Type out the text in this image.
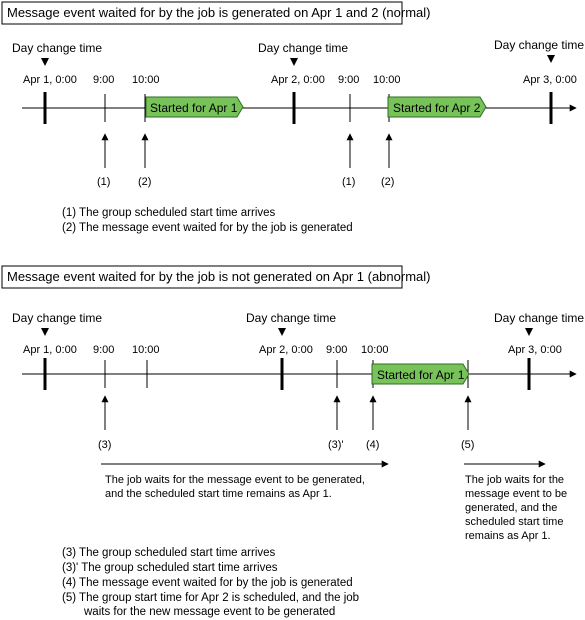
Message event waited for by the job is generated on Apr 1 and 2 (normal)
Day change time	Day change time	Day change time
Apr 1, 0:00 9:00 10:00	Apr 2, 0:00 9:00 10:00	Apr 3, 0:00
Started for Apr 1	Started for Apr 2
(1)	(2)	(1) (2)
(1) The group scheduled start time arrives
(2) The message event waited for by the job is generated
Message event waited for by the job is not generated on Apr 1 (abnormal)
Day change time	Day change time	Day change time
Apr 1, 0:00 9:00 10:00	Apr 2, 0:00 9:00 10:00	Apr 3, 0:00
Started for Apr 1
(3)	(3)' (4)	(5)
The job waits for the message event to be generated,
and the scheduled start time remains as Apr 1.
The job waits for the
message event to be
generated, and the
scheduled start time
remains as Apr 1.
(3) The group scheduled start time arrives
(3)' The group scheduled start time arrives
(4) The message event waited for by the job is generated
(5) The group start time for Apr 2 is scheduled, and the job
waits for the new message event to be generated
